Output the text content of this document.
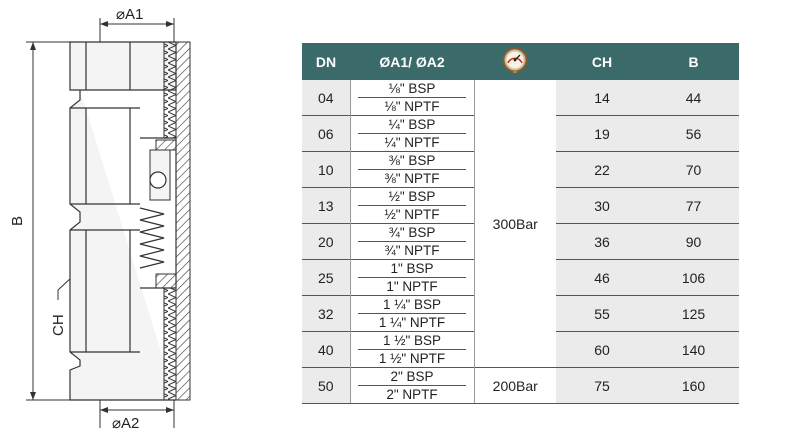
⌀A1
⌀A2
B
CH
DN	ØA1/ ØA2		CH	B
04	⅛" BSP
⅛" NPTF	300Bar	14	44
06	¼" BSP
¼" NPTF		19	56
10	⅜" BSP
⅜" NPTF		22	70
13	½" BSP
½" NPTF		30	77
20	¾" BSP
¾" NPTF		36	90
25	1" BSP
1" NPTF		46	106
32	1 ¼" BSP
1 ¼" NPTF		55	125
40	1 ½" BSP
1 ½" NPTF		60	140
50	2" BSP
2" NPTF	200Bar	75	160
